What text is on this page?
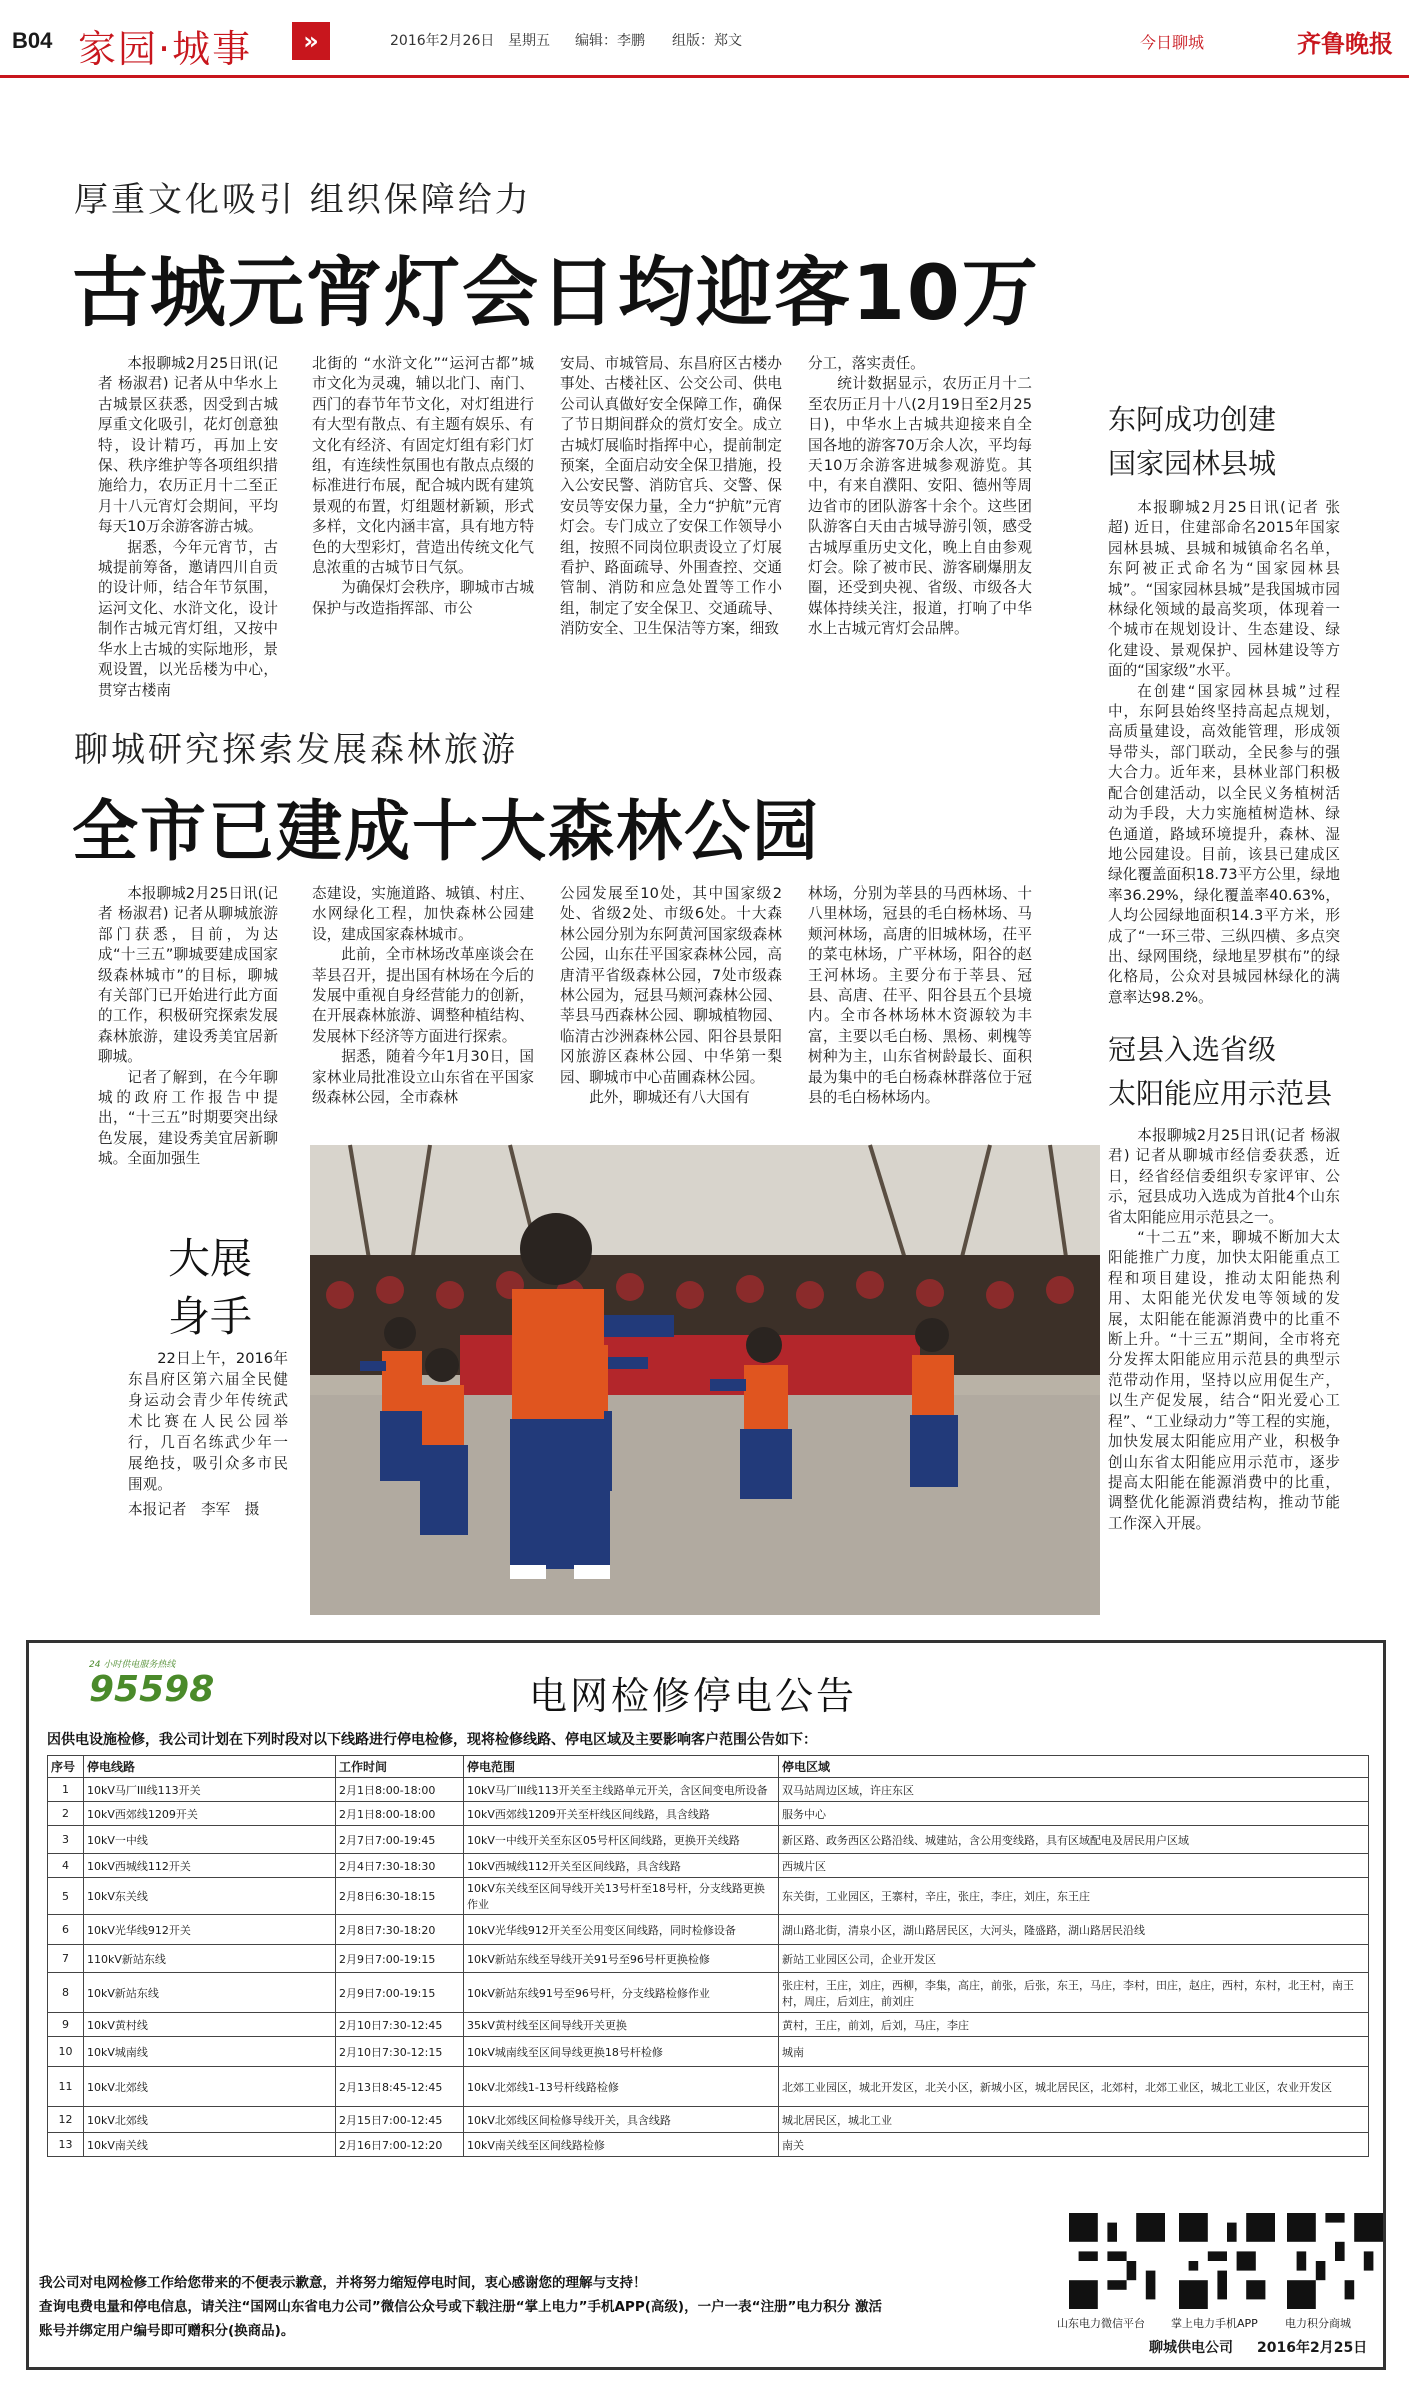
B04 家园·城事	»	2016年2月26日 星期五 编辑：李鹏 组版：郑文	今日聊城	齐鲁晚报
厚重文化吸引 组织保障给力
古城元宵灯会日均迎客10万

本报聊城2月25日讯(记者 杨淑君) 记者从中华水上古城景区获悉，因受到古城厚重文化吸引，花灯创意独特，设计精巧，再加上安保、秩序维护等各项组织措施给力，农历正月十二至正月十八元宵灯会期间，平均每天10万余游客游古城。

据悉，今年元宵节，古城提前筹备，邀请四川自贡的设计师，结合年节氛围，运河文化、水浒文化，设计制作古城元宵灯组，又按中华水上古城的实际地形，景观设置，以光岳楼为中心，贯穿古楼南

北街的 “水浒文化”“运河古都”城市文化为灵魂，辅以北门、南门、西门的春节年节文化，对灯组进行有大型有散点、有主题有娱乐、有文化有经济、有固定灯组有彩门灯组，有连续性氛围也有散点点缀的标准进行布展，配合城内既有建筑景观的布置，灯组题材新颖，形式多样，文化内涵丰富，具有地方特色的大型彩灯，营造出传统文化气息浓重的古城节日气氛。

为确保灯会秩序，聊城市古城保护与改造指挥部、市公

安局、市城管局、东昌府区古楼办事处、古楼社区、公交公司、供电公司认真做好安全保障工作，确保了节日期间群众的赏灯安全。成立古城灯展临时指挥中心，提前制定预案，全面启动安全保卫措施，投入公安民警、消防官兵、交警、保安员等安保力量，全力“护航”元宵灯会。专门成立了安保工作领导小组，按照不同岗位职责设立了灯展看护、路面疏导、外围查控、交通管制、消防和应急处置等工作小组，制定了安全保卫、交通疏导、消防安全、卫生保洁等方案，细致

分工，落实责任。

统计数据显示，农历正月十二至农历正月十八(2月19日至2月25日)，中华水上古城共迎接来自全国各地的游客70万余人次，平均每天10万余游客进城参观游览。其中，有来自濮阳、安阳、德州等周边省市的团队游客十余个。这些团队游客白天由古城导游引领，感受古城厚重历史文化，晚上自由参观灯会。除了被市民、游客刷爆朋友圈，还受到央视、省级、市级各大媒体持续关注，报道，打响了中华水上古城元宵灯会品牌。

东阿成功创建
国家园林县城

本报聊城2月25日讯(记者 张超) 近日，住建部命名2015年国家园林县城、县城和城镇命名名单，东阿被正式命名为“国家园林县城”。“国家园林县城”是我国城市园林绿化领域的最高奖项，体现着一个城市在规划设计、生态建设、绿化建设、景观保护、园林建设等方面的“国家级”水平。

在创建“国家园林县城”过程中，东阿县始终坚持高起点规划，高质量建设，高效能管理，形成领导带头，部门联动，全民参与的强大合力。近年来，县林业部门积极配合创建活动，以全民义务植树活动为手段，大力实施植树造林、绿色通道，路域环境提升，森林、湿地公园建设。目前，该县已建成区绿化覆盖面积18.73平方公里，绿地率36.29%，绿化覆盖率40.63%，人均公园绿地面积14.3平方米，形成了“一环三带、三纵四横、多点突出、绿网围绕，绿地星罗棋布”的绿化格局，公众对县城园林绿化的满意率达98.2%。

聊城研究探索发展森林旅游
全市已建成十大森林公园

本报聊城2月25日讯(记者 杨淑君) 记者从聊城旅游部门获悉，目前，为达成“十三五”聊城要建成国家级森林城市”的目标，聊城有关部门已开始进行此方面的工作，积极研究探索发展森林旅游，建设秀美宜居新聊城。

记者了解到，在今年聊城的政府工作报告中提出，“十三五”时期要突出绿色发展，建设秀美宜居新聊城。全面加强生

态建设，实施道路、城镇、村庄、水网绿化工程，加快森林公园建设，建成国家森林城市。

此前，全市林场改革座谈会在莘县召开，提出国有林场在今后的发展中重视自身经营能力的创新，在开展森林旅游、调整种植结构、发展林下经济等方面进行探索。

据悉，随着今年1月30日，国家林业局批准设立山东省在平国家级森林公园，全市森林

公园发展至10处，其中国家级2处、省级2处、市级6处。十大森林公园分别为东阿黄河国家级森林公园，山东茌平国家森林公园，高唐清平省级森林公园，7处市级森林公园为，冠县马颊河森林公园、莘县马西森林公园、聊城植物园、临清古沙洲森林公园、阳谷县景阳冈旅游区森林公园、中华第一梨园、聊城市中心苗圃森林公园。

此外，聊城还有八大国有

林场，分别为莘县的马西林场、十八里林场，冠县的毛白杨林场、马颊河林场，高唐的旧城林场，茌平的菜屯林场，广平林场，阳谷的赵王河林场。主要分布于莘县、冠县、高唐、茌平、阳谷县五个县境内。全市各林场林木资源较为丰富，主要以毛白杨、黑杨、刺槐等树种为主，山东省树龄最长、面积最为集中的毛白杨森林群落位于冠县的毛白杨林场内。

大展
身手

22日上午，2016年东昌府区第六届全民健身运动会青少年传统武术比赛在人民公园举行，几百名练武少年一展绝技，吸引众多市民围观。

本报记者　李军　摄

冠县入选省级
太阳能应用示范县

本报聊城2月25日讯(记者 杨淑君) 记者从聊城市经信委获悉，近日，经省经信委组织专家评审、公示，冠县成功入选成为首批4个山东省太阳能应用示范县之一。

“十二五”来，聊城不断加大太阳能推广力度，加快太阳能重点工程和项目建设，推动太阳能热利用、太阳能光伏发电等领域的发展，太阳能在能源消费中的比重不断上升。“十三五”期间，全市将充分发挥太阳能应用示范县的典型示范带动作用，坚持以应用促生产，以生产促发展，结合“阳光爱心工程”、“工业绿动力”等工程的实施，加快发展太阳能应用产业，积极争创山东省太阳能应用示范市，逐步提高太阳能在能源消费中的比重，调整优化能源消费结构，推动节能工作深入开展。

24 小时供电服务热线
95598	电网检修停电公告
因供电设施检修，我公司计划在下列时段对以下线路进行停电检修，现将检修线路、停电区域及主要影响客户范围公告如下：
序号	停电线路	工作时间	停电范围	停电区域
1	10kV马厂III线113开关	2月1日8:00-18:00	10kV马厂III线113开关至主线路单元开关，含区间变电所设备	双马站周边区域，许庄东区
2	10kV西郊线1209开关	2月1日8:00-18:00	10kV西郊线1209开关至杆线区间线路，具含线路	服务中心
3	10kV一中线	2月7日7:00-19:45	10kV一中线开关至东区05号杆区间线路，更换开关线路	新区路、政务西区公路沿线、城建站，含公用变线路，具有区域配电及居民用户区域
4	10kV西城线112开关	2月4日7:30-18:30	10kV西城线112开关至区间线路，具含线路	西城片区
5	10kV东关线	2月8日6:30-18:15	10kV东关线至区间导线开关13号杆至18号杆，分支线路更换作业	东关街，工业园区，王寨村，辛庄，张庄，李庄，刘庄，东王庄
6	10kV光华线912开关	2月8日7:30-18:20	10kV光华线912开关至公用变区间线路，同时检修设备	湖山路北街，清泉小区，湖山路居民区，大河头，隆盛路，湖山路居民沿线
7	110kV新站东线	2月9日7:00-19:15	10kV新站东线至导线开关91号至96号杆更换检修	新站工业园区公司，企业开发区
8	10kV新站东线	2月9日7:00-19:15	10kV新站东线91号至96号杆，分支线路检修作业	张庄村，王庄，刘庄，西柳，李集，高庄，前张，后张，东王，马庄，李村，田庄，赵庄，西村，东村，北王村，南王村，周庄，后刘庄，前刘庄
9	10kV黄村线	2月10日7:30-12:45	35kV黄村线至区间导线开关更换	黄村，王庄，前刘，后刘，马庄，李庄
10	10kV城南线	2月10日7:30-12:15	10kV城南线至区间导线更换18号杆检修	城南
11	10kV北郊线	2月13日8:45-12:45	10kV北郊线1-13号杆线路检修	北郊工业园区，城北开发区，北关小区，新城小区，城北居民区，北郊村，北郊工业区，城北工业区，农业开发区
12	10kV北郊线	2月15日7:00-12:45	10kV北郊线区间检修导线开关，具含线路	城北居民区，城北工业
13	10kV南关线	2月16日7:00-12:20	10kV南关线至区间线路检修	南关
我公司对电网检修工作给您带来的不便表示歉意，并将努力缩短停电时间，衷心感谢您的理解与支持！
查询电费电量和停电信息，请关注“国网山东省电力公司”微信公众号或下载注册“掌上电力”手机APP(高级)，一户一表“注册”电力积分 激活
账号并绑定用户编号即可赠积分(换商品)。	山东电力微信平台 掌上电力手机APP 电力积分商城
聊城供电公司 2016年2月25日
